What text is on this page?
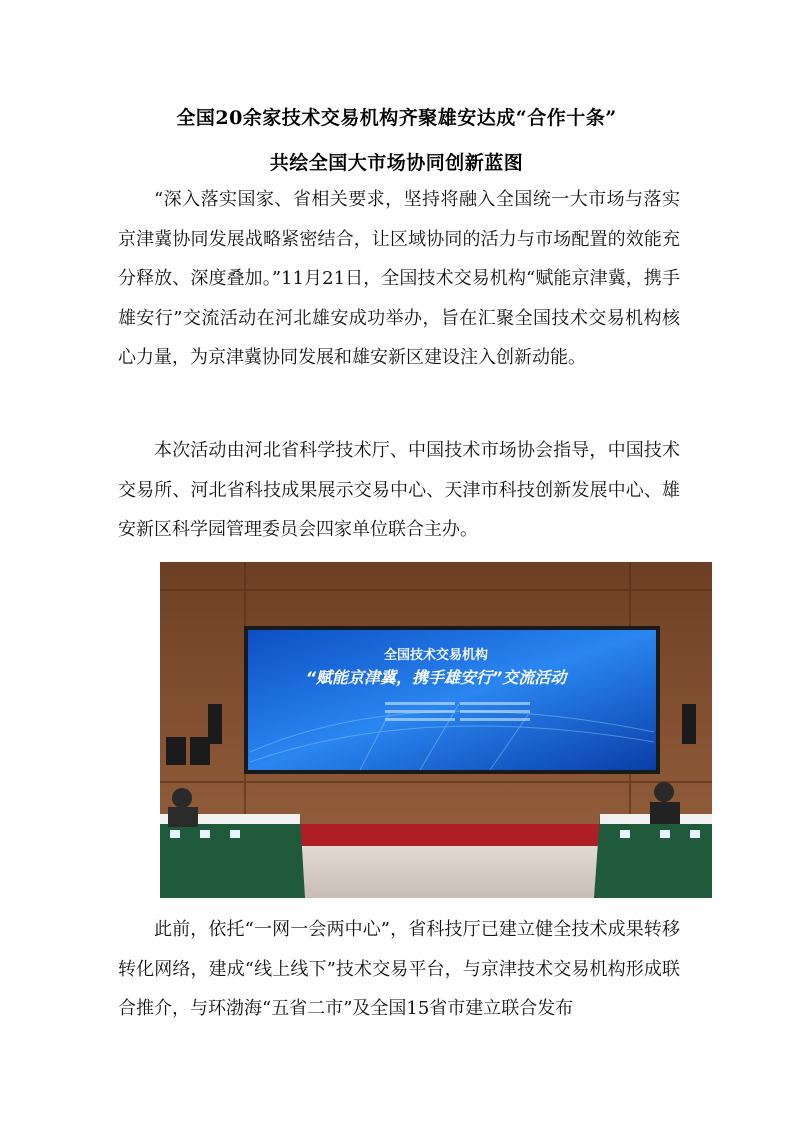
全国20余家技术交易机构齐聚雄安达成“合作十条”
共绘全国大市场协同创新蓝图

“深入落实国家、省相关要求，坚持将融入全国统一大市场与落实京津冀协同发展战略紧密结合，让区域协同的活力与市场配置的效能充分释放、深度叠加。”11月21日，全国技术交易机构“赋能京津冀，携手雄安行”交流活动在河北雄安成功举办，旨在汇聚全国技术交易机构核心力量，为京津冀协同发展和雄安新区建设注入创新动能。

本次活动由河北省科学技术厅、中国技术市场协会指导，中国技术交易所、河北省科技成果展示交易中心、天津市科技创新发展中心、雄安新区科学园管理委员会四家单位联合主办。

全国技术交易机构
“赋能京津冀，携手雄安行”交流活动

此前，依托“一网一会两中心”，省科技厅已建立健全技术成果转移转化网络，建成“线上线下”技术交易平台，与京津技术交易机构形成联合推介，与环渤海“五省二市”及全国15省市建立联合发布
